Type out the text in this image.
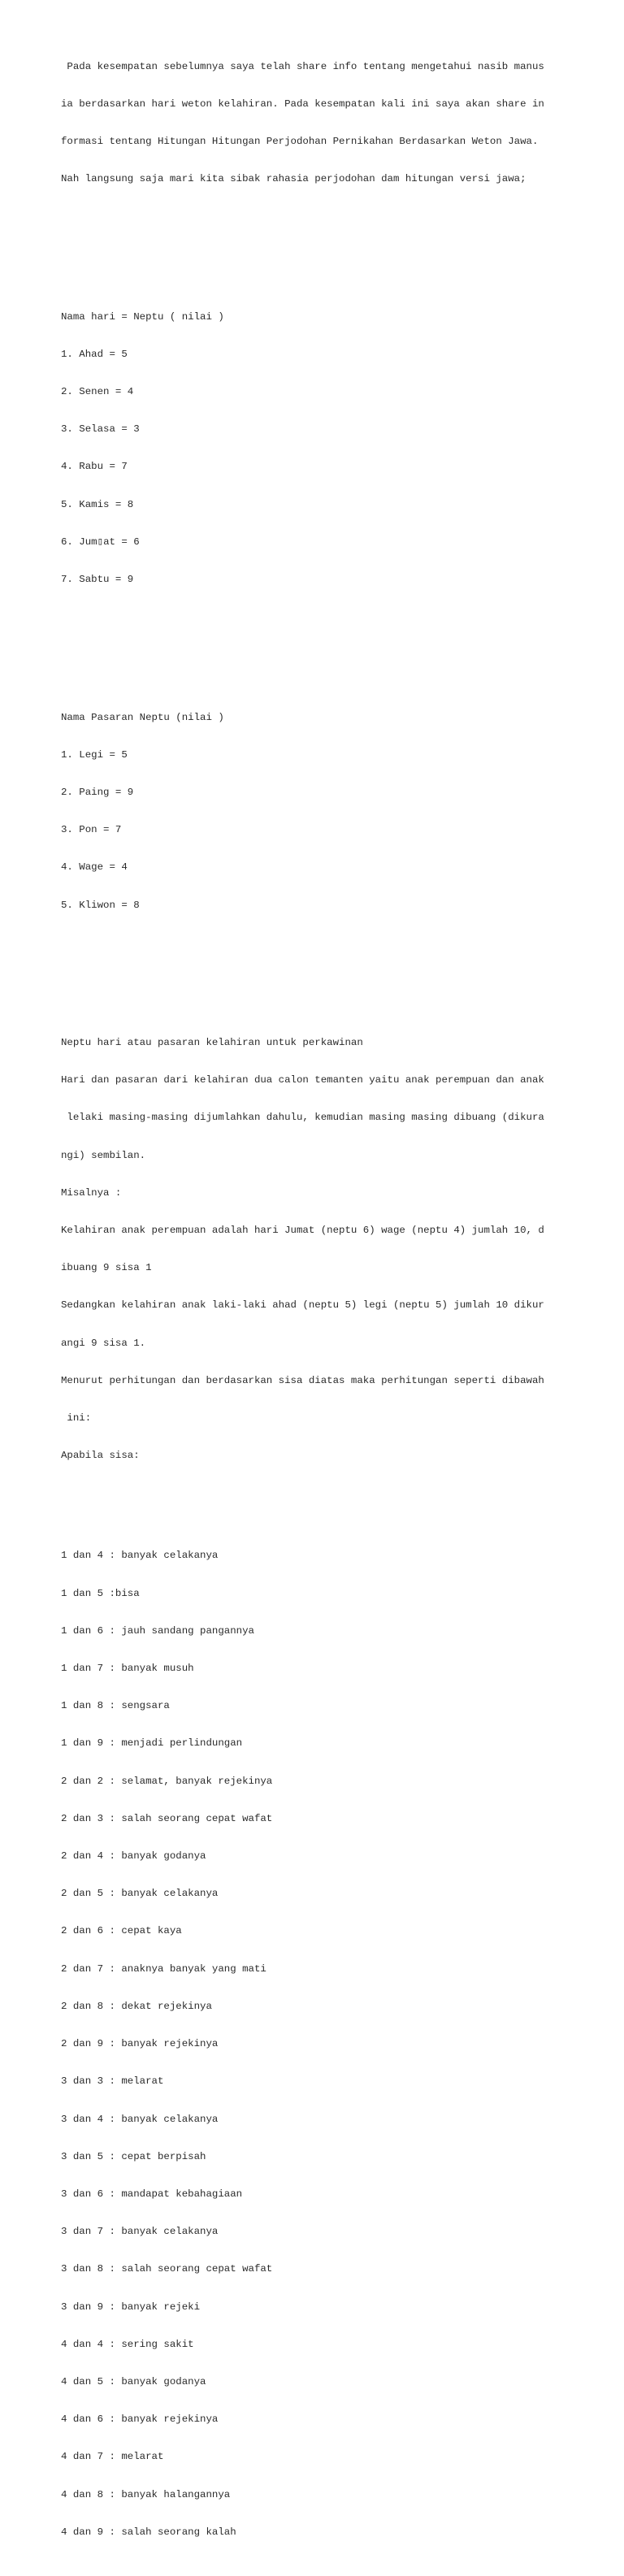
Pada kesempatan sebelumnya saya telah share info tentang mengetahui nasib manus

ia berdasarkan hari weton kelahiran. Pada kesempatan kali ini saya akan share in

formasi tentang Hitungan Hitungan Perjodohan Pernikahan Berdasarkan Weton Jawa.

Nah langsung saja mari kita sibak rahasia perjodohan dam hitungan versi jawa;

Nama hari = Neptu ( nilai )

1. Ahad = 5

2. Senen = 4

3. Selasa = 3

4. Rabu = 7

5. Kamis = 8

6. Jum▯at = 6

7. Sabtu = 9

Nama Pasaran Neptu (nilai )

1. Legi = 5

2. Paing = 9

3. Pon = 7

4. Wage = 4

5. Kliwon = 8

Neptu hari atau pasaran kelahiran untuk perkawinan

Hari dan pasaran dari kelahiran dua calon temanten yaitu anak perempuan dan anak

lelaki masing-masing dijumlahkan dahulu, kemudian masing masing dibuang (dikura

ngi) sembilan.

Misalnya :

Kelahiran anak perempuan adalah hari Jumat (neptu 6) wage (neptu 4) jumlah 10, d

ibuang 9 sisa 1

Sedangkan kelahiran anak laki-laki ahad (neptu 5) legi (neptu 5) jumlah 10 dikur

angi 9 sisa 1.

Menurut perhitungan dan berdasarkan sisa diatas maka perhitungan seperti dibawah

ini:

Apabila sisa:

1 dan 4 : banyak celakanya

1 dan 5 :bisa

1 dan 6 : jauh sandang pangannya

1 dan 7 : banyak musuh

1 dan 8 : sengsara

1 dan 9 : menjadi perlindungan

2 dan 2 : selamat, banyak rejekinya

2 dan 3 : salah seorang cepat wafat

2 dan 4 : banyak godanya

2 dan 5 : banyak celakanya

2 dan 6 : cepat kaya

2 dan 7 : anaknya banyak yang mati

2 dan 8 : dekat rejekinya

2 dan 9 : banyak rejekinya

3 dan 3 : melarat

3 dan 4 : banyak celakanya

3 dan 5 : cepat berpisah

3 dan 6 : mandapat kebahagiaan

3 dan 7 : banyak celakanya

3 dan 8 : salah seorang cepat wafat

3 dan 9 : banyak rejeki

4 dan 4 : sering sakit

4 dan 5 : banyak godanya

4 dan 6 : banyak rejekinya

4 dan 7 : melarat

4 dan 8 : banyak halangannya

4 dan 9 : salah seorang kalah
